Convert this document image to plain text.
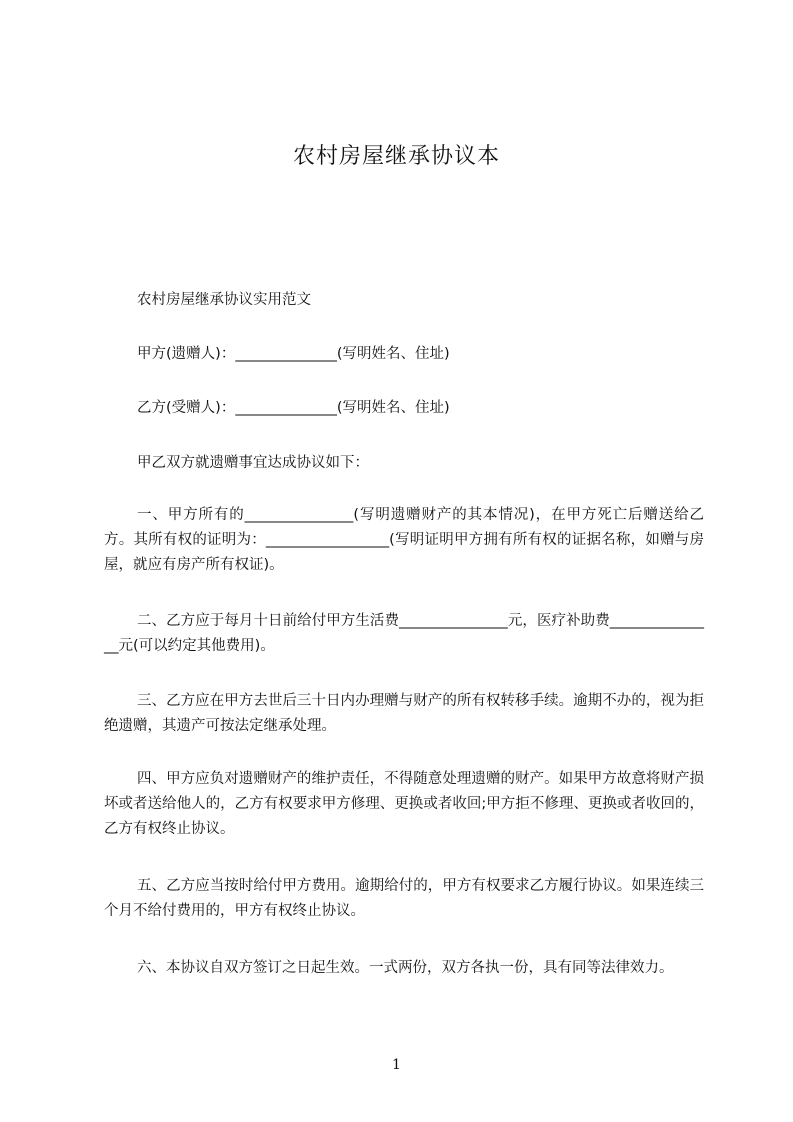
农村房屋继承协议本

农村房屋继承协议实用范文

甲方(遗赠人)：______________(写明姓名、住址)

乙方(受赠人)：______________(写明姓名、住址)

甲乙双方就遗赠事宜达成协议如下：

一、甲方所有的_______________(写明遗赠财产的其本情况)，在甲方死亡后赠送给乙方。其所有权的证明为：_________________(写明证明甲方拥有所有权的证据名称，如赠与房屋，就应有房产所有权证)。

二、乙方应于每月十日前给付甲方生活费_______________元，医疗补助费_______________元(可以约定其他费用)。

三、乙方应在甲方去世后三十日内办理赠与财产的所有权转移手续。逾期不办的，视为拒绝遗赠，其遗产可按法定继承处理。

四、甲方应负对遗赠财产的维护责任，不得随意处理遗赠的财产。如果甲方故意将财产损坏或者送给他人的，乙方有权要求甲方修理、更换或者收回;甲方拒不修理、更换或者收回的，乙方有权终止协议。

五、乙方应当按时给付甲方费用。逾期给付的，甲方有权要求乙方履行协议。如果连续三个月不给付费用的，甲方有权终止协议。

六、本协议自双方签订之日起生效。一式两份，双方各执一份，具有同等法律效力。

1
